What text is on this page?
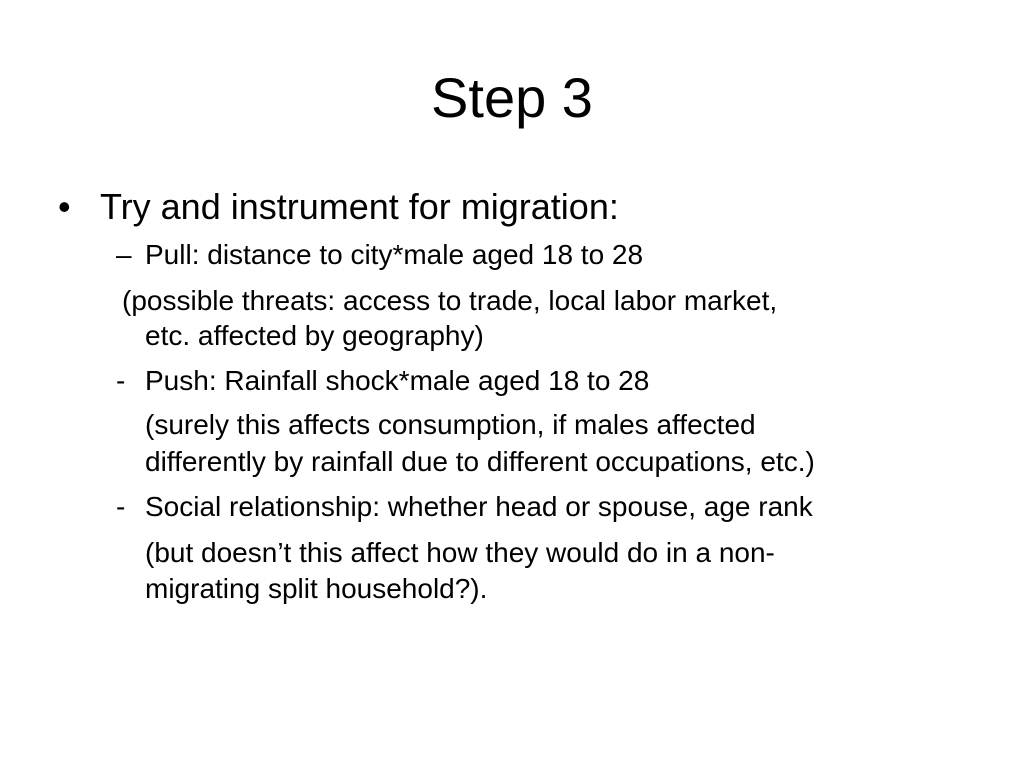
Step 3
• Try and instrument for migration:
– Pull: distance to city*male aged 18 to 28
(possible threats: access to trade, local labor market,
etc. affected by geography)
- Push: Rainfall shock*male aged 18 to 28
(surely this affects consumption, if males affected
differently by rainfall due to different occupations, etc.)
- Social relationship: whether head or spouse, age rank
(but doesn’t this affect how they would do in a non-
migrating split household?).
